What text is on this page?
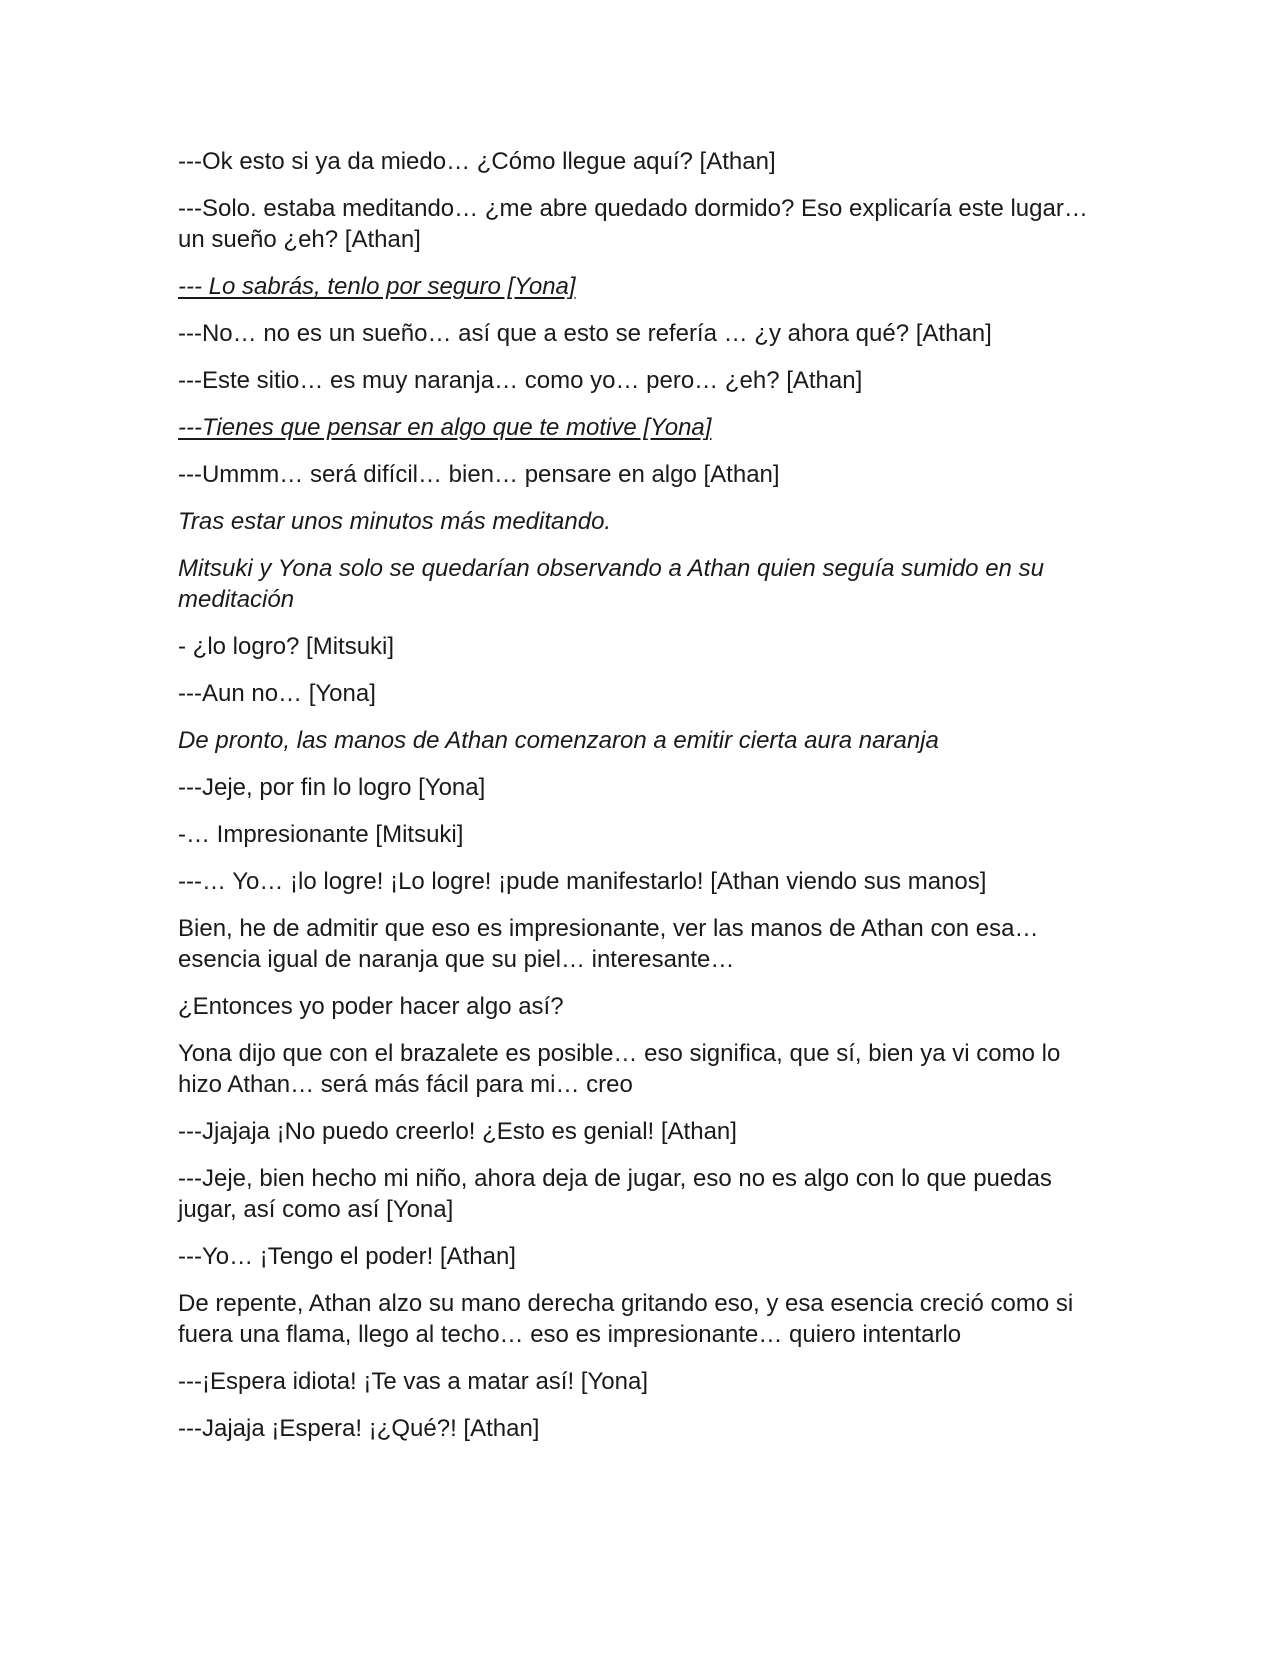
---Ok esto si ya da miedo… ¿Cómo llegue aquí? [Athan]

---Solo. estaba meditando… ¿me abre quedado dormido? Eso explicaría este lugar… un sueño ¿eh? [Athan]

--- Lo sabrás, tenlo por seguro [Yona]

---No… no es un sueño… así que a esto se refería … ¿y ahora qué? [Athan]

---Este sitio… es muy naranja… como yo… pero… ¿eh? [Athan]

---Tienes que pensar en algo que te motive [Yona]

---Ummm… será difícil… bien… pensare en algo [Athan]

Tras estar unos minutos más meditando.

Mitsuki y Yona solo se quedarían observando a Athan quien seguía sumido en su meditación

- ¿lo logro? [Mitsuki]

---Aun no… [Yona]

De pronto, las manos de Athan comenzaron a emitir cierta aura naranja

---Jeje, por fin lo logro [Yona]

-… Impresionante [Mitsuki]

---… Yo… ¡lo logre! ¡Lo logre! ¡pude manifestarlo! [Athan viendo sus manos]

Bien, he de admitir que eso es impresionante, ver las manos de Athan con esa… esencia igual de naranja que su piel… interesante…

¿Entonces yo poder hacer algo así?

Yona dijo que con el brazalete es posible… eso significa, que sí, bien ya vi como lo hizo Athan… será más fácil para mi… creo

---Jjajaja ¡No puedo creerlo! ¿Esto es genial! [Athan]

---Jeje, bien hecho mi niño, ahora deja de jugar, eso no es algo con lo que puedas jugar, así como así [Yona]

---Yo… ¡Tengo el poder! [Athan]

De repente, Athan alzo su mano derecha gritando eso, y esa esencia creció como si fuera una flama, llego al techo… eso es impresionante… quiero intentarlo

---¡Espera idiota! ¡Te vas a matar así! [Yona]

---Jajaja ¡Espera! ¡¿Qué?! [Athan]
